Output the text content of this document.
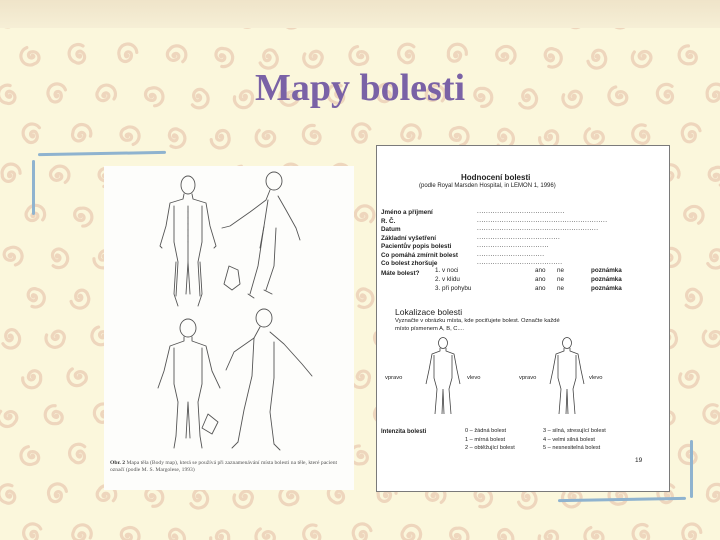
Mapy bolesti
Obr. 2 Mapa těla (Body map), která se používá při zaznamenávání místa bolesti na těle, které pacient označí (podle M. S. Margolese, 1993)
Hodnocení bolesti
(podle Royal Marsden Hospital, in LEMON 1, 1996)
Jméno a příjmení	.......................................
R. Č.	..........................................................
Datum	......................................................
Základní vyšetření	.....................................
Pacientův popis bolesti	................................
Co pomáhá zmírnit bolest	..............................
Co bolest zhoršuje	......................................
Máte bolest? 1. v noci	ano ne	poznámka
2. v klidu	ano ne	poznámka
3. při pohybu	ano ne	poznámka
Lokalizace bolesti
Vyznačte v obrázku místa, kde pociťujete bolest. Označte každé
místo písmenem A, B, C....
vpravo	vlevo	vpravo	vlevo
Intenzita bolesti	0 – žádná bolest
1 – mírná bolest
2 – obtěžující bolest
3 – silná, stresující bolest
4 – velmi silná bolest
5 – nesnesitelná bolest
19
